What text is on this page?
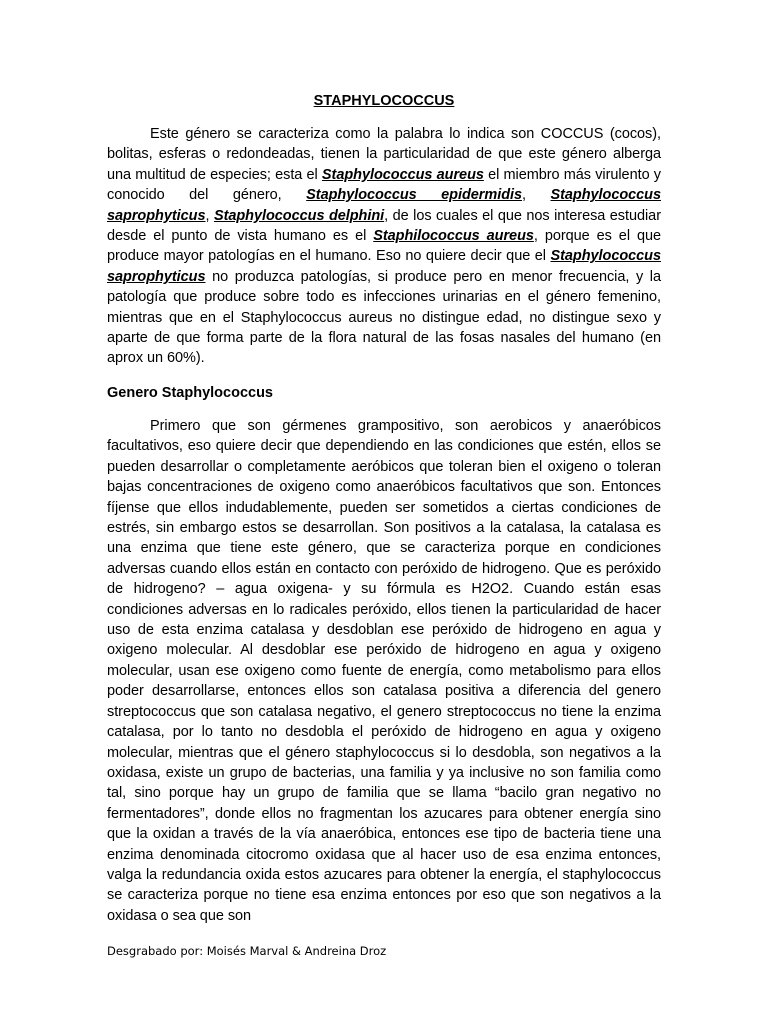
STAPHYLOCOCCUS

Este género se caracteriza como la palabra lo indica son COCCUS (cocos), bolitas, esferas o redondeadas, tienen la particularidad de que este género alberga una multitud de especies; esta el Staphylococcus aureus el miembro más virulento y conocido del género, Staphylococcus epidermidis, Staphylococcus saprophyticus, Staphylococcus delphini, de los cuales el que nos interesa estudiar desde el punto de vista humano es el Staphilococcus aureus, porque es el que produce mayor patologías en el humano. Eso no quiere decir que el Staphylococcus saprophyticus no produzca patologías, si produce pero en menor frecuencia, y la patología que produce sobre todo es infecciones urinarias en el género femenino, mientras que en el Staphylococcus aureus no distingue edad, no distingue sexo y aparte de que forma parte de la flora natural de las fosas nasales del humano (en aprox un 60%).

Genero Staphylococcus

Primero que son gérmenes grampositivo, son aerobicos y anaeróbicos facultativos, eso quiere decir que dependiendo en las condiciones que estén, ellos se pueden desarrollar o completamente aeróbicos que toleran bien el oxigeno o toleran bajas concentraciones de oxigeno como anaeróbicos facultativos que son. Entonces fíjense que ellos indudablemente, pueden ser sometidos a ciertas condiciones de estrés, sin embargo estos se desarrollan. Son positivos a la catalasa, la catalasa es una enzima que tiene este género, que se caracteriza porque en condiciones adversas cuando ellos están en contacto con peróxido de hidrogeno. Que es peróxido de hidrogeno? – agua oxigena- y su fórmula es H2O2. Cuando están esas condiciones adversas en lo radicales peróxido, ellos tienen la particularidad de hacer uso de esta enzima catalasa y desdoblan ese peróxido de hidrogeno en agua y oxigeno molecular. Al desdoblar ese peróxido de hidrogeno en agua y oxigeno molecular, usan ese oxigeno como fuente de energía, como metabolismo para ellos poder desarrollarse, entonces ellos son catalasa positiva a diferencia del genero streptococcus que son catalasa negativo, el genero streptococcus no tiene la enzima catalasa, por lo tanto no desdobla el peróxido de hidrogeno en agua y oxigeno molecular, mientras que el género staphylococcus si lo desdobla, son negativos a la oxidasa, existe un grupo de bacterias, una familia y ya inclusive no son familia como tal, sino porque hay un grupo de familia que se llama “bacilo gran negativo no fermentadores”, donde ellos no fragmentan los azucares para obtener energía sino que la oxidan a través de la vía anaeróbica, entonces ese tipo de bacteria tiene una enzima denominada citocromo oxidasa que al hacer uso de esa enzima entonces, valga la redundancia oxida estos azucares para obtener la energía, el staphylococcus se caracteriza porque no tiene esa enzima entonces por eso que son negativos a la oxidasa o sea que son

Desgrabado por: Moisés Marval & Andreina Droz
